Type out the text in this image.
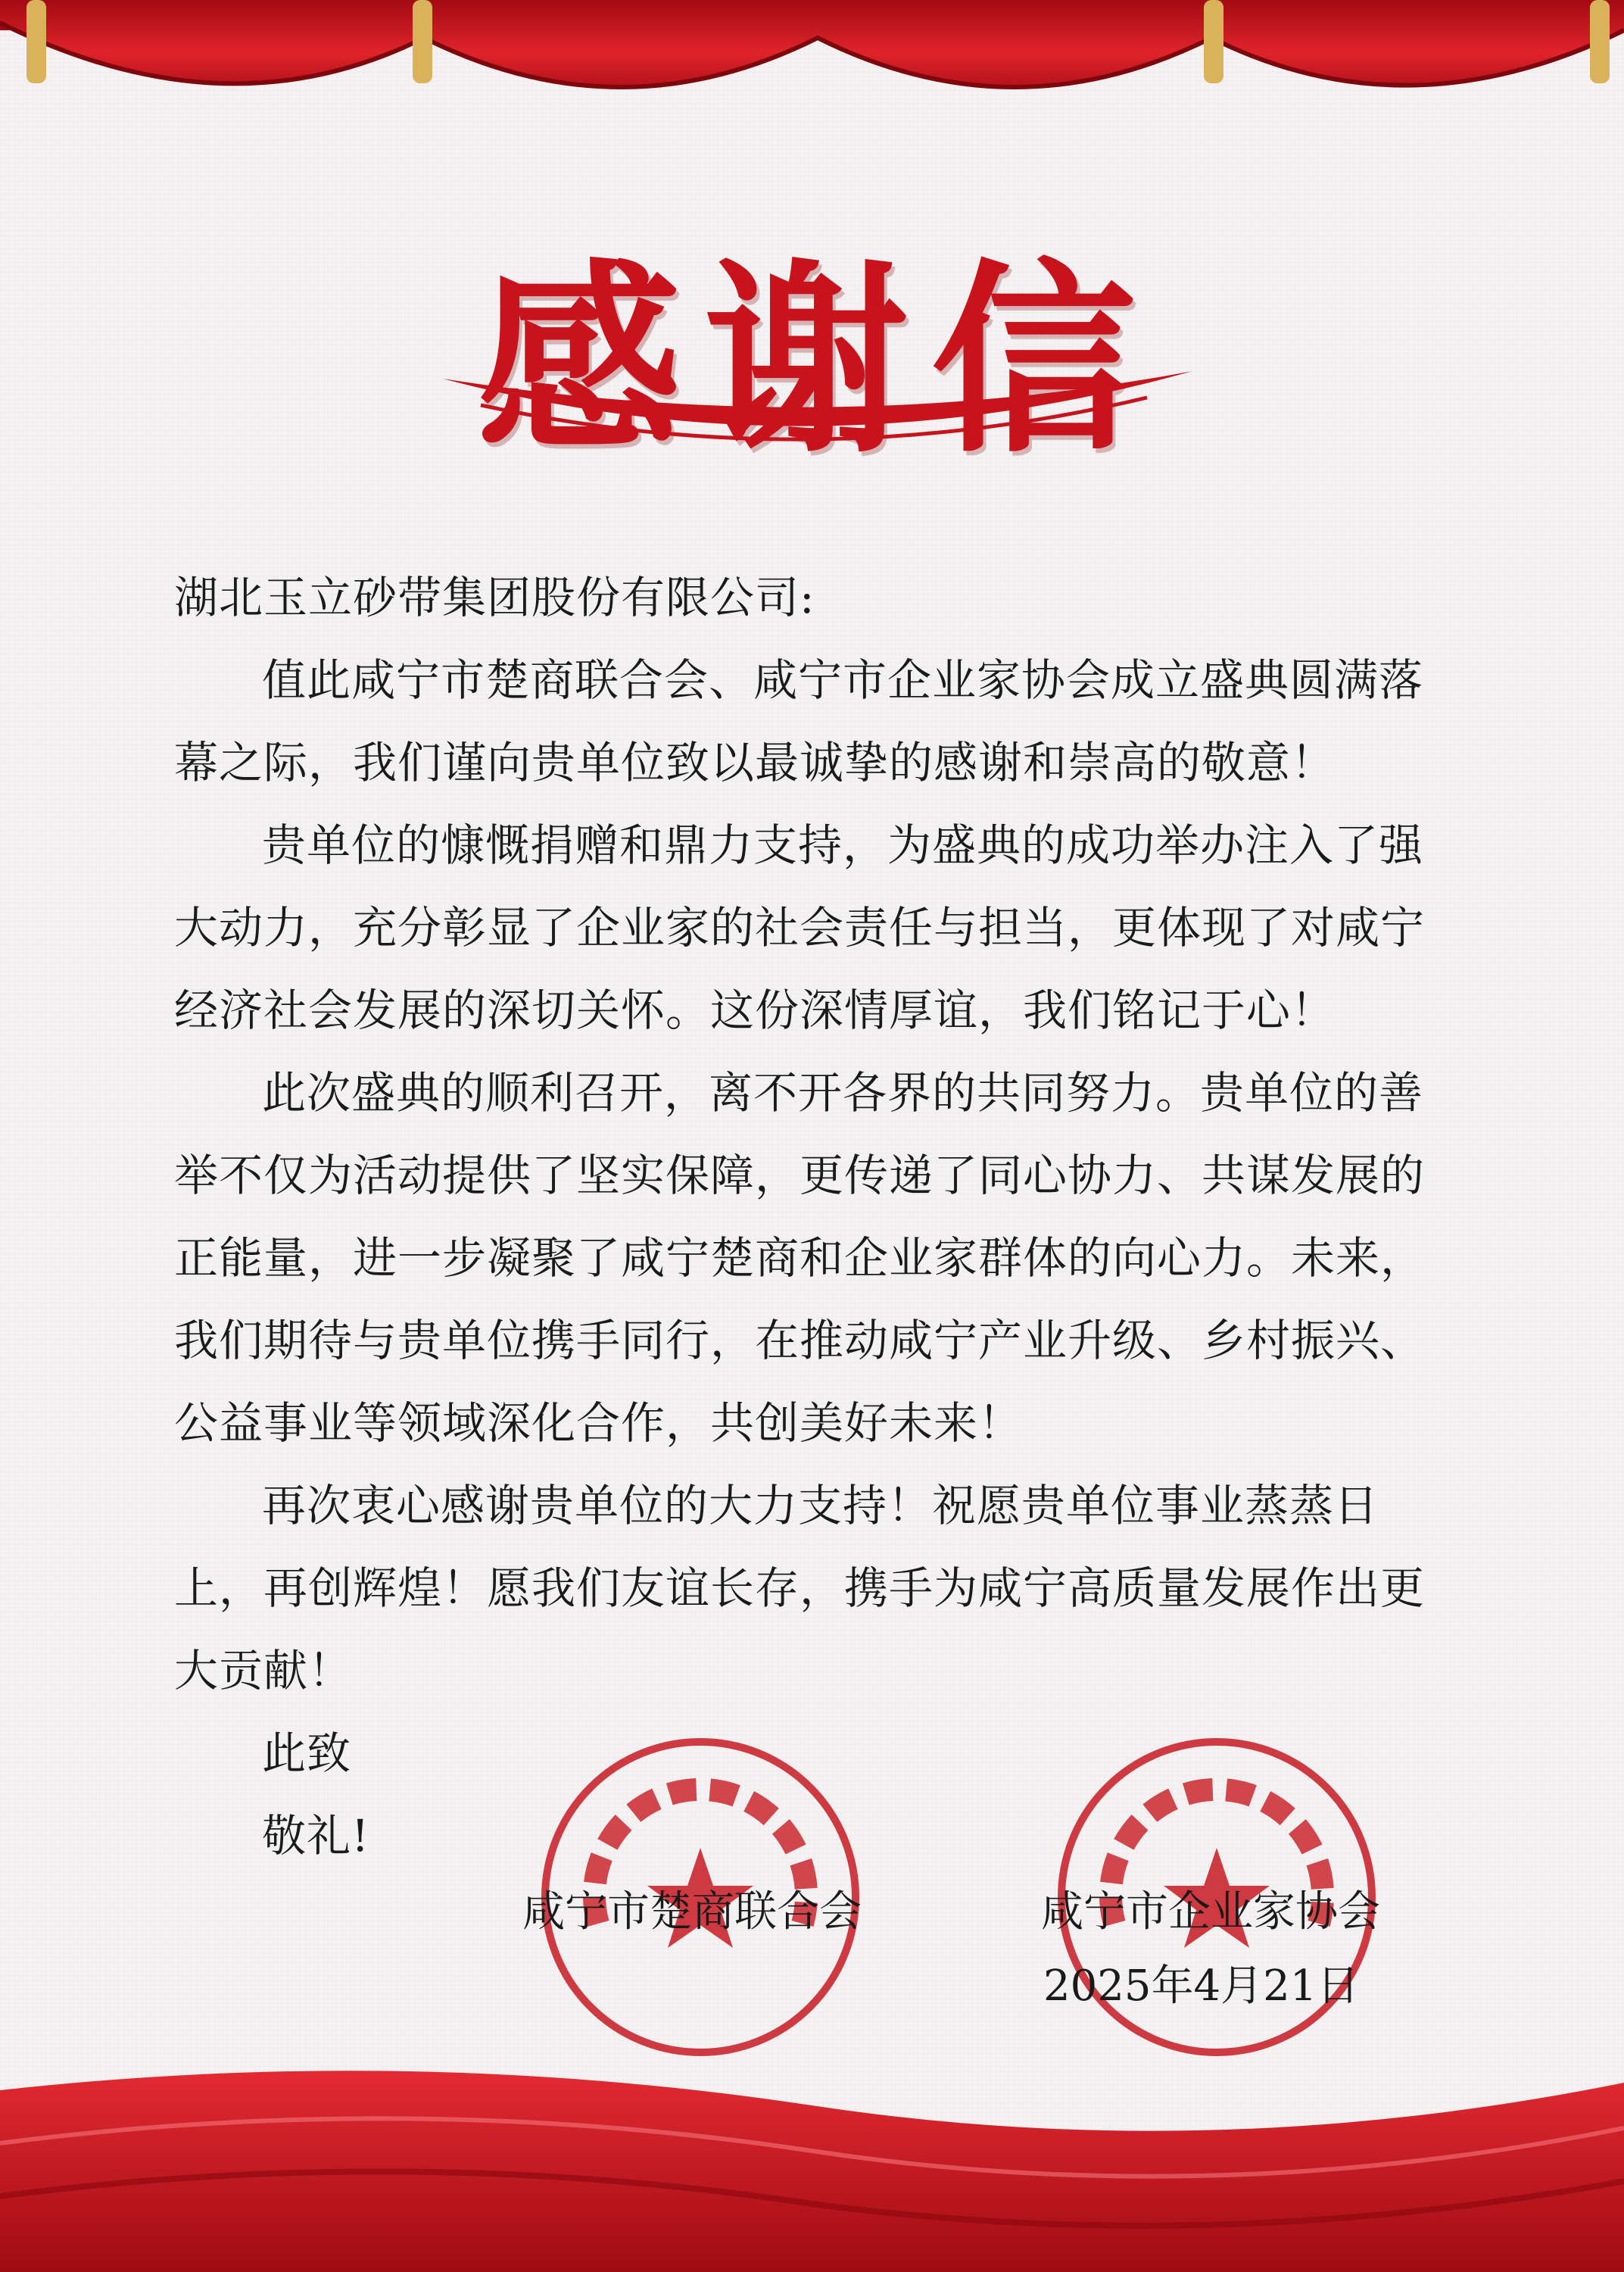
感谢信

湖北玉立砂带集团股份有限公司:

值此咸宁市楚商联合会、咸宁市企业家协会成立盛典圆满落幕之际，我们谨向贵单位致以最诚挚的感谢和崇高的敬意！

贵单位的慷慨捐赠和鼎力支持，为盛典的成功举办注入了强大动力，充分彰显了企业家的社会责任与担当，更体现了对咸宁经济社会发展的深切关怀。这份深情厚谊，我们铭记于心！

此次盛典的顺利召开，离不开各界的共同努力。贵单位的善举不仅为活动提供了坚实保障，更传递了同心协力、共谋发展的正能量，进一步凝聚了咸宁楚商和企业家群体的向心力。未来，我们期待与贵单位携手同行，在推动咸宁产业升级、乡村振兴、公益事业等领域深化合作，共创美好未来！

再次衷心感谢贵单位的大力支持！祝愿贵单位事业蒸蒸日上，再创辉煌！愿我们友谊长存，携手为咸宁高质量发展作出更大贡献！

此致

敬礼!

咸宁市楚商联合会	咸宁市企业家协会
2025年4月21日
